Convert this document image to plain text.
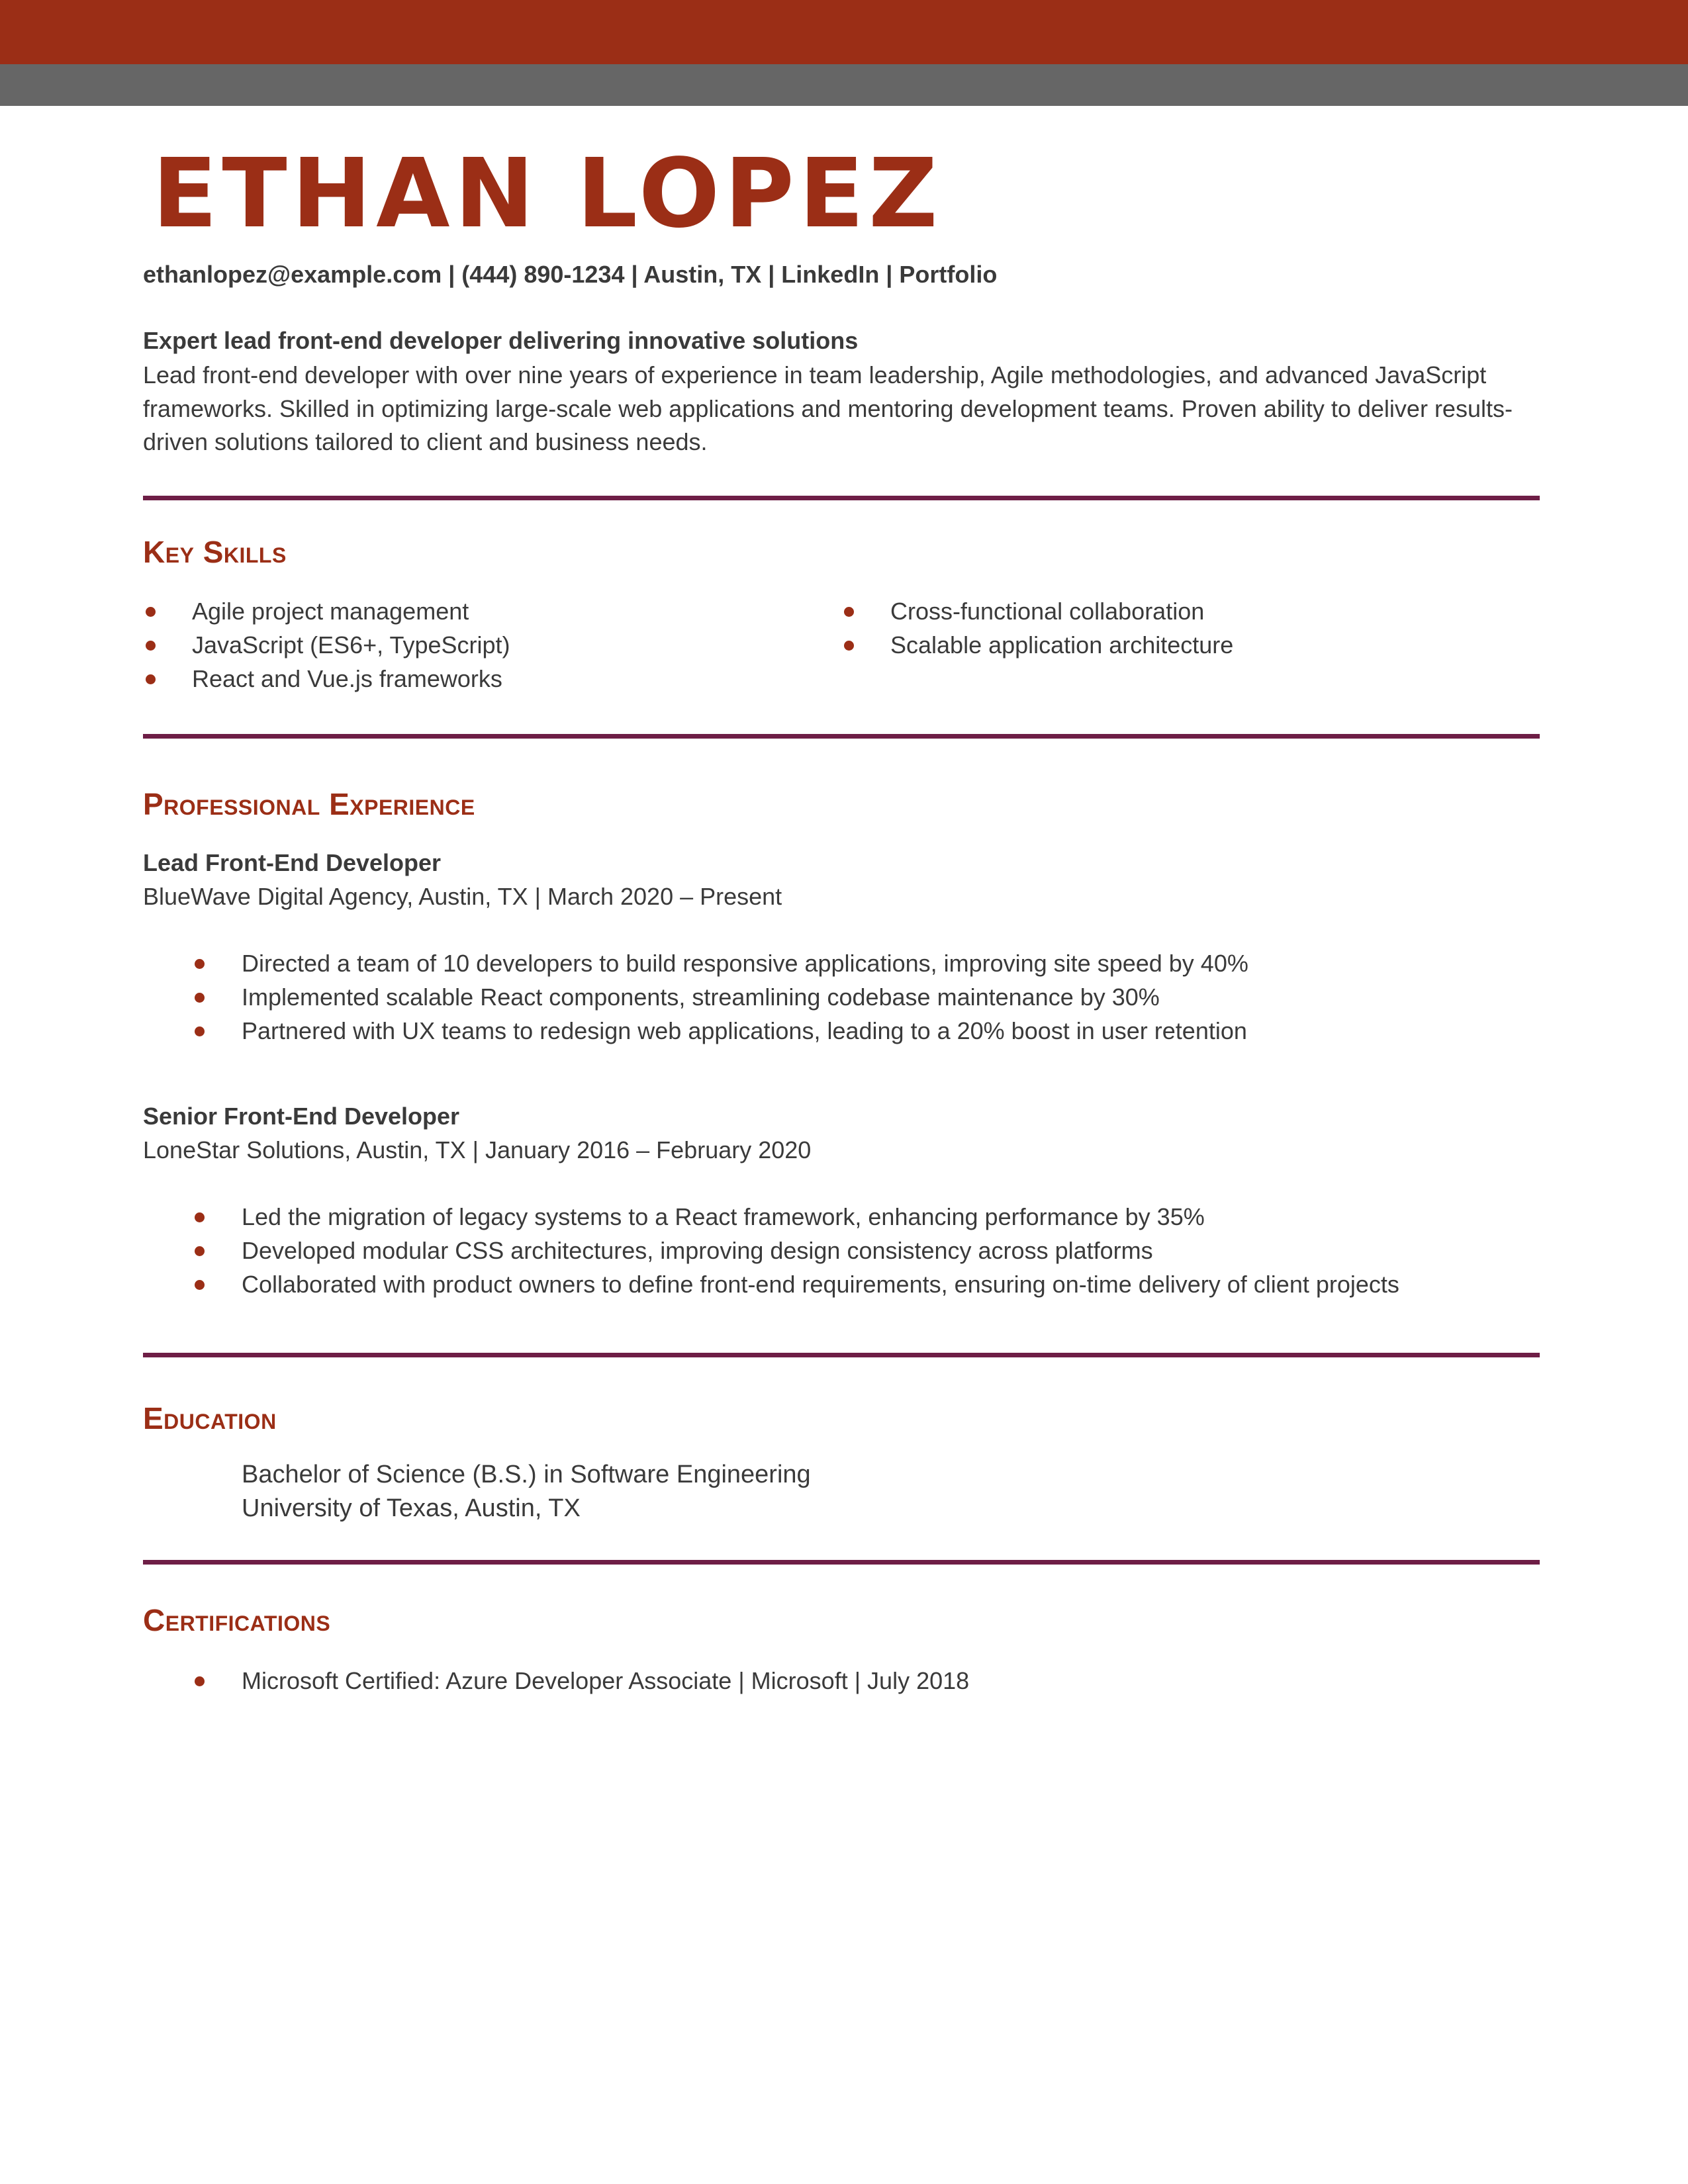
ETHAN LOPEZ
ethanlopez@example.com | (444) 890-1234 | Austin, TX | LinkedIn | Portfolio
Expert lead front-end developer delivering innovative solutions
Lead front-end developer with over nine years of experience in team leadership, Agile methodologies, and advanced JavaScript frameworks. Skilled in optimizing large-scale web applications and mentoring development teams. Proven ability to deliver results-driven solutions tailored to client and business needs.
Key Skills
Agile project management
JavaScript (ES6+, TypeScript)
React and Vue.js frameworks
Cross-functional collaboration
Scalable application architecture
Professional Experience
Lead Front-End Developer
BlueWave Digital Agency, Austin, TX | March 2020 – Present
Directed a team of 10 developers to build responsive applications, improving site speed by 40%
Implemented scalable React components, streamlining codebase maintenance by 30%
Partnered with UX teams to redesign web applications, leading to a 20% boost in user retention
Senior Front-End Developer
LoneStar Solutions, Austin, TX | January 2016 – February 2020
Led the migration of legacy systems to a React framework, enhancing performance by 35%
Developed modular CSS architectures, improving design consistency across platforms
Collaborated with product owners to define front-end requirements, ensuring on-time delivery of client projects
Education
Bachelor of Science (B.S.) in Software Engineering
University of Texas, Austin, TX
Certifications
Microsoft Certified: Azure Developer Associate | Microsoft | July 2018
